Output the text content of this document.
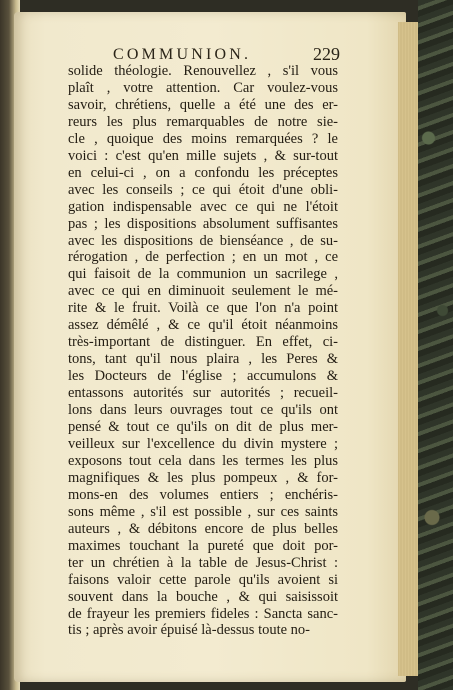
COMMUNION.	229
solide théologie. Renouvellez , s'il vous
plaît , votre attention. Car voulez-vous
savoir, chrétiens, quelle a été une des er-
reurs les plus remarquables de notre sie-
cle , quoique des moins remarquées ? le
voici : c'est qu'en mille sujets , & sur-tout
en celui-ci , on a confondu les préceptes
avec les conseils ; ce qui étoit d'une obli-
gation indispensable avec ce qui ne l'étoit
pas ; les dispositions absolument suffisantes
avec les dispositions de bienséance , de su-
rérogation , de perfection ; en un mot , ce
qui faisoit de la communion un sacrilege ,
avec ce qui en diminuoit seulement le mé-
rite & le fruit. Voilà ce que l'on n'a point
assez démêlé , & ce qu'il étoit néanmoins
très-important de distinguer. En effet, ci-
tons, tant qu'il nous plaira , les Peres &
les Docteurs de l'église ; accumulons &
entassons autorités sur autorités ; recueil-
lons dans leurs ouvrages tout ce qu'ils ont
pensé & tout ce qu'ils on dit de plus mer-
veilleux sur l'excellence du divin mystere ;
exposons tout cela dans les termes les plus
magnifiques & les plus pompeux , & for-
mons-en des volumes entiers ; enchéris-
sons même , s'il est possible , sur ces saints
auteurs , & débitons encore de plus belles
maximes touchant la pureté que doit por-
ter un chrétien à la table de Jesus-Christ :
faisons valoir cette parole qu'ils avoient si
souvent dans la bouche , & qui saisissoit
de frayeur les premiers fideles : Sancta sanc-
tis ; après avoir épuisé là-dessus toute no-
